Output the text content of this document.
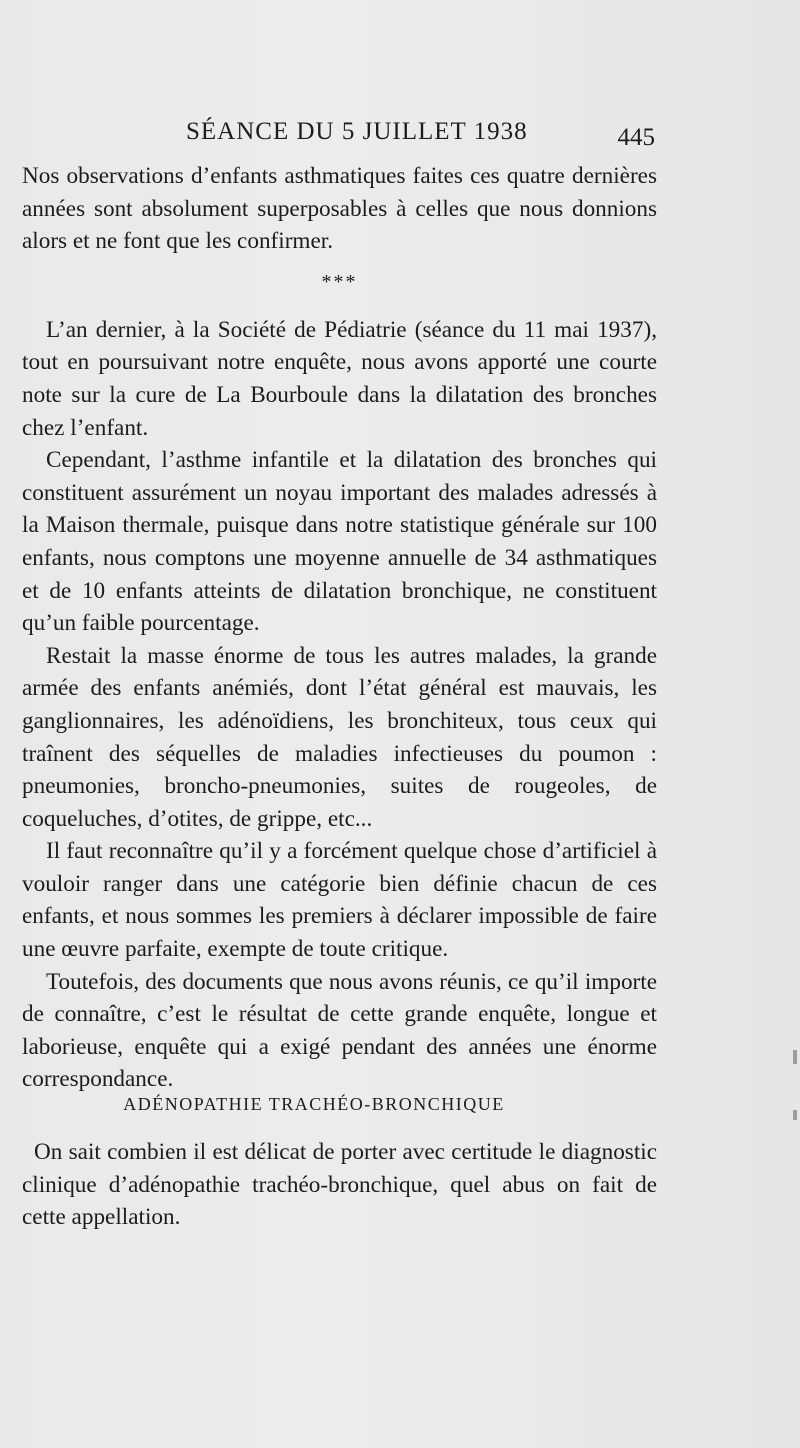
SÉANCE DU 5 JUILLET 1938	445

Nos observations d’enfants asthmatiques faites ces quatre dernières années sont absolument superposables à celles que nous donnions alors et ne font que les confirmer.

***

L’an dernier, à la Société de Pédiatrie (séance du 11 mai 1937), tout en poursuivant notre enquête, nous avons apporté une courte note sur la cure de La Bourboule dans la dilatation des bronches chez l’enfant.

Cependant, l’asthme infantile et la dilatation des bronches qui constituent assurément un noyau important des malades adressés à la Maison thermale, puisque dans notre statistique générale sur 100 enfants, nous comptons une moyenne annuelle de 34 asthmatiques et de 10 enfants atteints de dilatation bronchique, ne constituent qu’un faible pourcentage.

Restait la masse énorme de tous les autres malades, la grande armée des enfants anémiés, dont l’état général est mauvais, les ganglionnaires, les adénoïdiens, les bronchiteux, tous ceux qui traînent des séquelles de maladies infectieuses du poumon : pneumonies, broncho-pneumonies, suites de rougeoles, de coqueluches, d’otites, de grippe, etc...

Il faut reconnaître qu’il y a forcément quelque chose d’artificiel à vouloir ranger dans une catégorie bien définie chacun de ces enfants, et nous sommes les premiers à déclarer impossible de faire une œuvre parfaite, exempte de toute critique.

Toutefois, des documents que nous avons réunis, ce qu’il importe de connaître, c’est le résultat de cette grande enquête, longue et laborieuse, enquête qui a exigé pendant des années une énorme correspondance.

ADÉNOPATHIE TRACHÉO-BRONCHIQUE

On sait combien il est délicat de porter avec certitude le diagnostic clinique d’adénopathie trachéo-bronchique, quel abus on fait de cette appellation.
